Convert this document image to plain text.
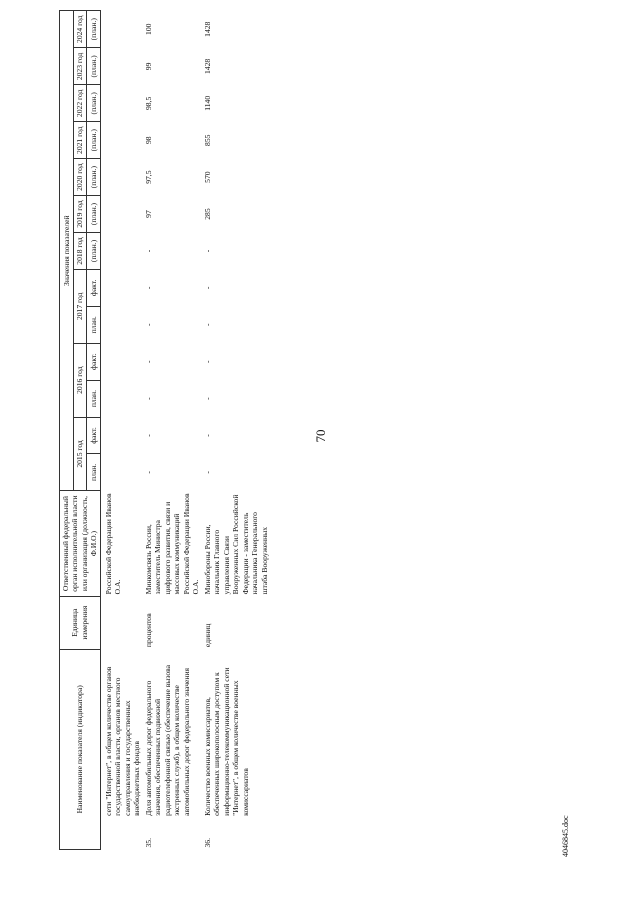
70
4046845.doc
Наименование показателя (индикатора)		Единица измерения	Ответственный федеральный орган исполнительной власти или организация (должность, Ф.И.О.)	Значения показателей												
				2015 год		2016 год		2017 год		2018 год	2019 год	2020 год	2021 год	2022 год	2023 год	2024 год
				план.	факт.	план.	факт.	план.	факт.	(план.)	(план.)	(план.)	(план.)	(план.)	(план.)	(план.)
	сети "Интернет", в общем количестве органов государственной власти, органов местного самоуправления и государственных внебюджетных фондов		Российской Федерации Иванов О.А.													
35.	Доля автомобильных дорог федерального значения, обеспеченных подвижной радиотелефонной связью (обеспечение вызова экстренных служб), в общем количестве автомобильных дорог федерального значения	процентов	Минкомсвязь России, заместитель Министра цифрового развития, связи и массовых коммуникаций Российской Федерации Иванов О.А.	-	-	-	-	-	-	-	97	97,5	98	98,5	99	100
36.	Количество военных комиссариатов, обеспеченных широкополосным доступом к информационно-телекоммуникационной сети "Интернет", в общем количестве военных комиссариатов	единиц	Минобороны России, начальник Главного управления Связи Вооруженных Сил Российской Федерации - заместитель начальника Генерального штаба Вооруженных	-	-	-	-	-	-	-	285	570	855	1140	1428	1428
